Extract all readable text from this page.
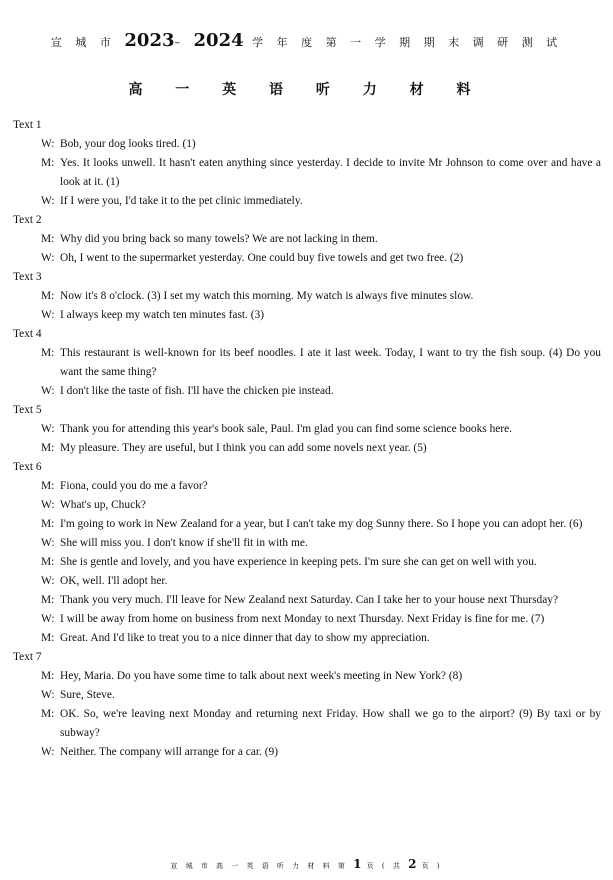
宣 城 市 2023– 2024 学 年 度 第 一 学 期 期 末 调 研 测 试
高 一 英 语 听 力 材 料
Text 1
W: Bob, your dog looks tired. (1)
M: Yes. It looks unwell. It hasn't eaten anything since yesterday. I decide to invite Mr Johnson to come over and have a look at it. (1)
W: If I were you, I'd take it to the pet clinic immediately.
Text 2
M: Why did you bring back so many towels? We are not lacking in them.
W: Oh, I went to the supermarket yesterday. One could buy five towels and get two free. (2)
Text 3
M: Now it's 8 o'clock. (3) I set my watch this morning. My watch is always five minutes slow.
W: I always keep my watch ten minutes fast. (3)
Text 4
M: This restaurant is well-known for its beef noodles. I ate it last week. Today, I want to try the fish soup. (4) Do you want the same thing?
W: I don't like the taste of fish. I'll have the chicken pie instead.
Text 5
W: Thank you for attending this year's book sale, Paul. I'm glad you can find some science books here.
M: My pleasure. They are useful, but I think you can add some novels next year. (5)
Text 6
M: Fiona, could you do me a favor?
W: What's up, Chuck?
M: I'm going to work in New Zealand for a year, but I can't take my dog Sunny there. So I hope you can adopt her. (6)
W: She will miss you. I don't know if she'll fit in with me.
M: She is gentle and lovely, and you have experience in keeping pets. I'm sure she can get on well with you.
W: OK, well. I'll adopt her.
M: Thank you very much. I'll leave for New Zealand next Saturday. Can I take her to your house next Thursday?
W: I will be away from home on business from next Monday to next Thursday. Next Friday is fine for me. (7)
M: Great. And I'd like to treat you to a nice dinner that day to show my appreciation.
Text 7
M: Hey, Maria. Do you have some time to talk about next week's meeting in New York? (8)
W: Sure, Steve.
M: OK. So, we're leaving next Monday and returning next Friday. How shall we go to the airport? (9) By taxi or by subway?
W: Neither. The company will arrange for a car. (9)
宣 城 市 高 一 英 语 听 力 材 料 第 1 页 ( 共 2 页 )
